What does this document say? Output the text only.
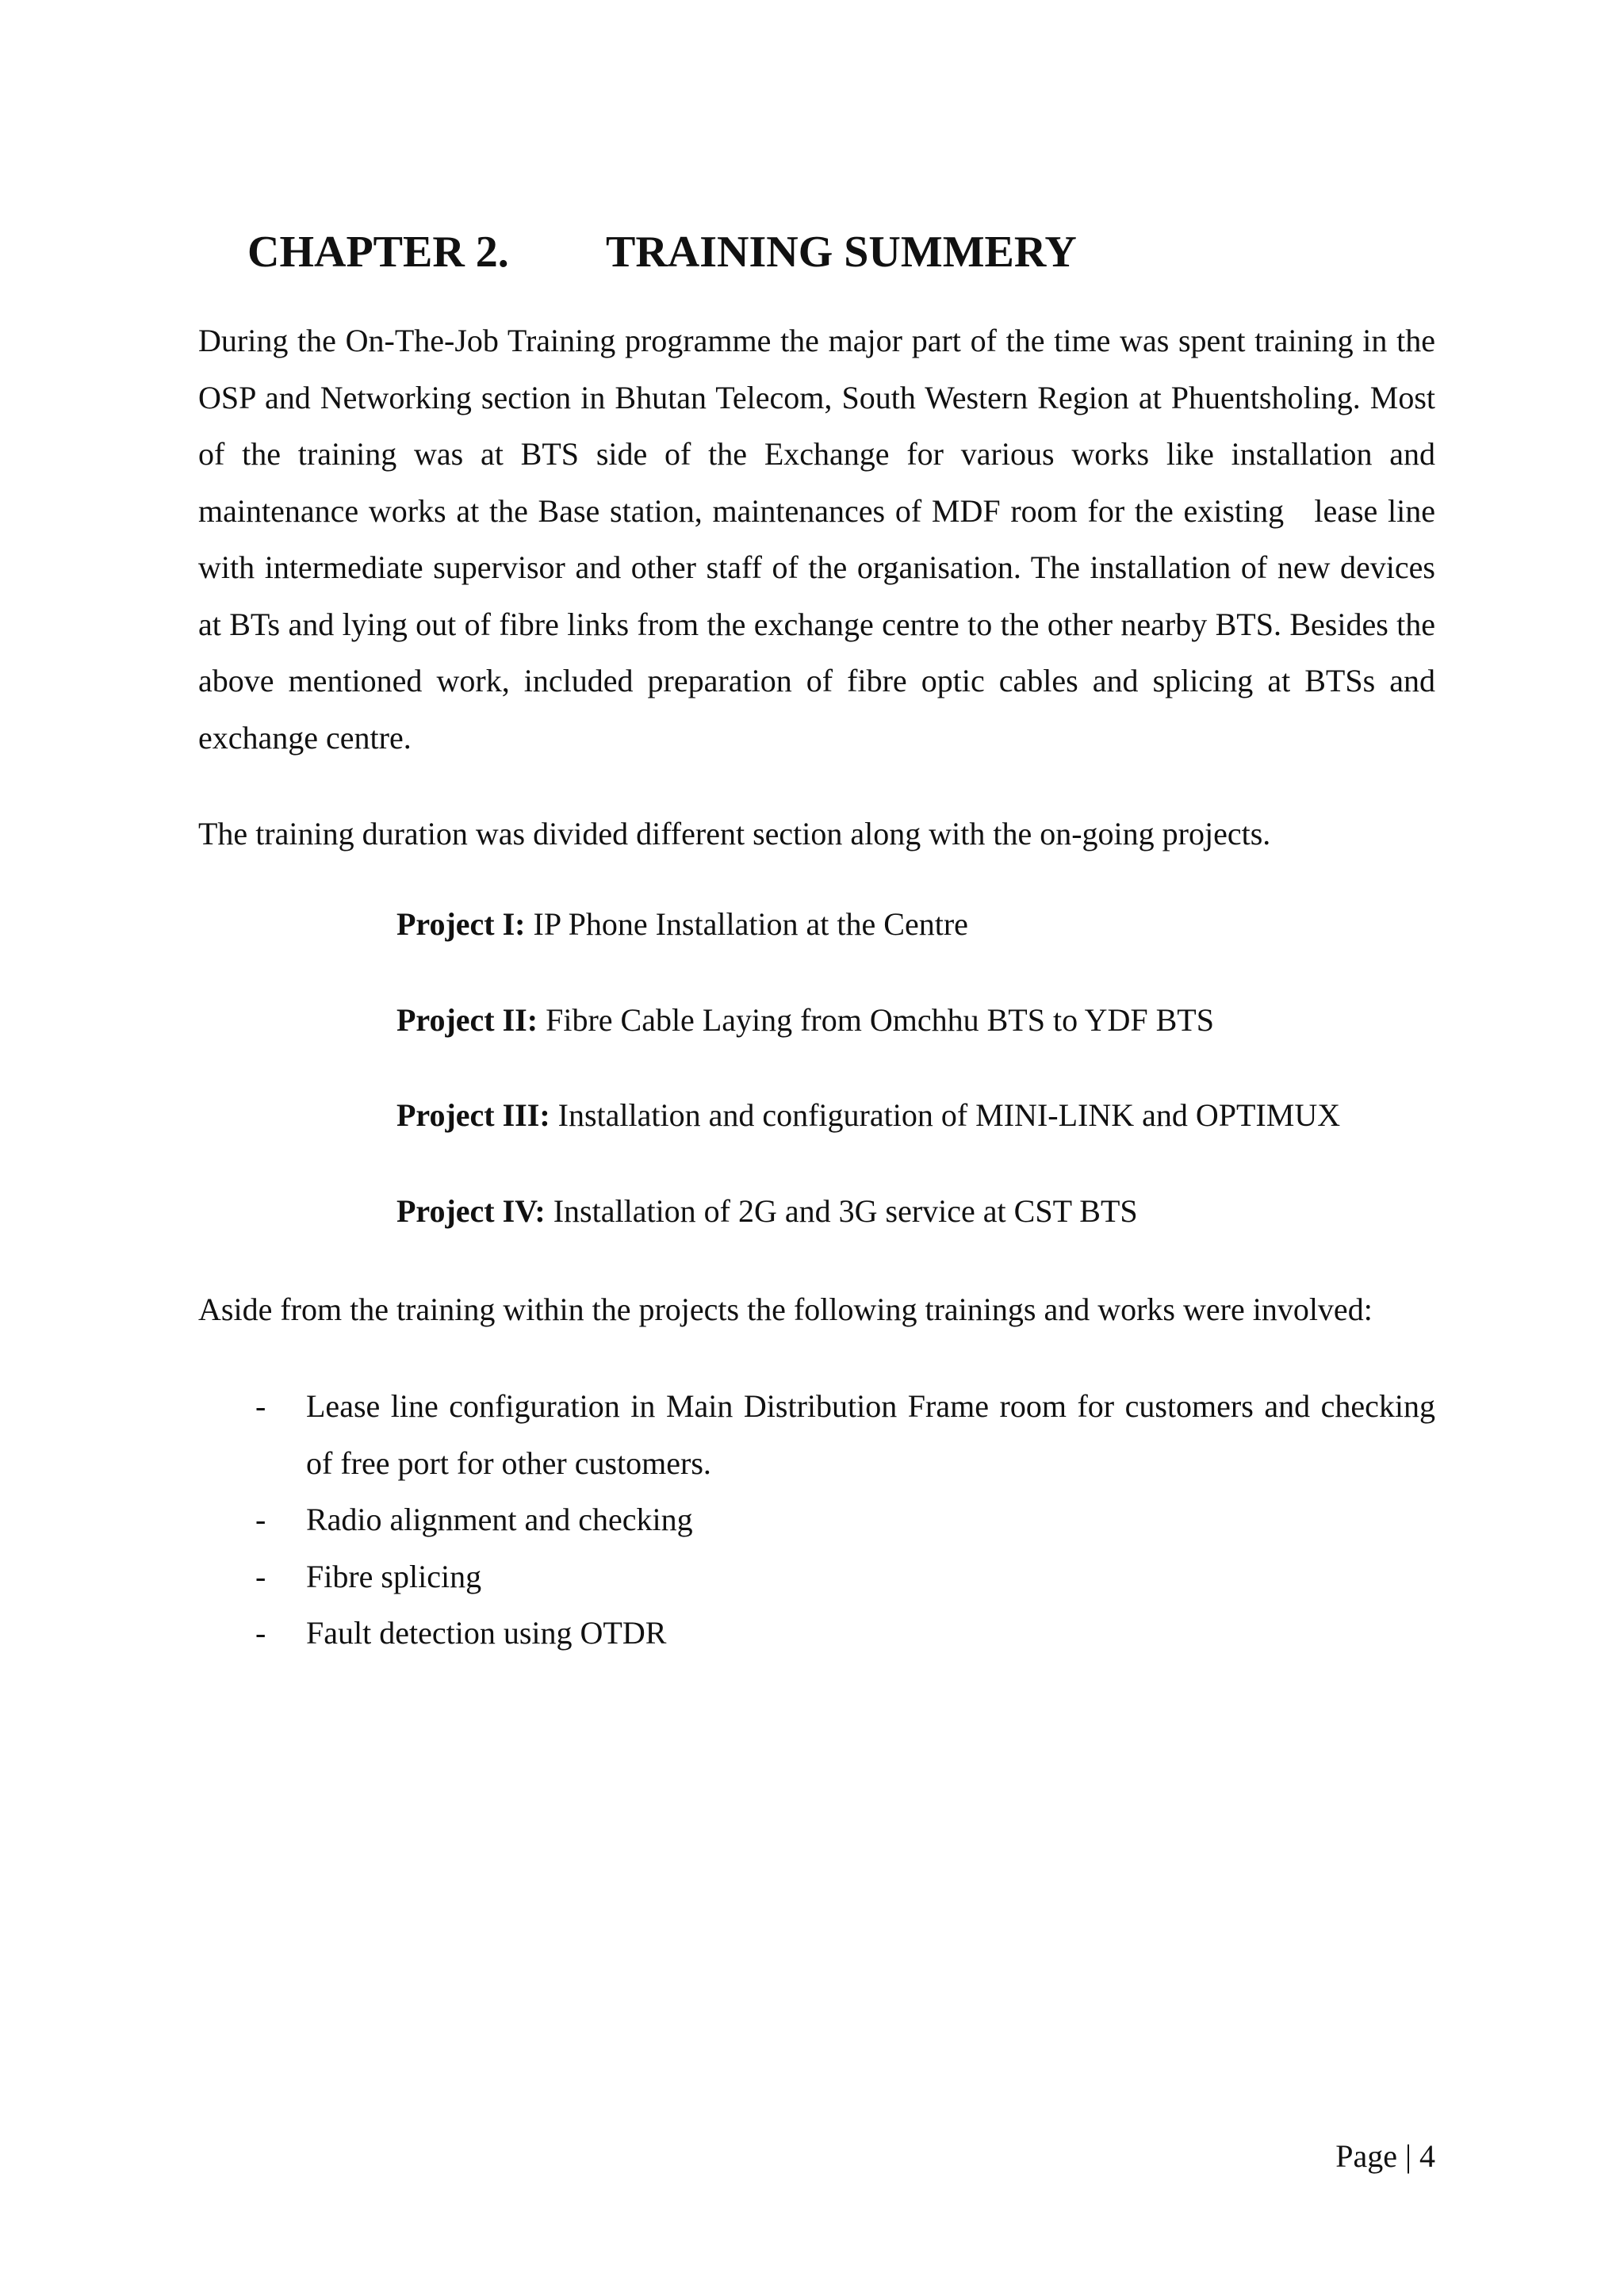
CHAPTER 2. TRAINING SUMMERY

During the On-The-Job Training programme the major part of the time was spent training in the OSP and Networking section in Bhutan Telecom, South Western Region at Phuentsholing. Most of the training was at BTS side of the Exchange for various works like installation and maintenance works at the Base station, maintenances of MDF room for the existing   lease line with intermediate supervisor and other staff of the organisation. The installation of new devices at BTs and lying out of fibre links from the exchange centre to the other nearby BTS. Besides the above mentioned work, included preparation of fibre optic cables and splicing at BTSs and exchange centre.

The training duration was divided different section along with the on-going projects.

Project I: IP Phone Installation at the Centre
Project II: Fibre Cable Laying from Omchhu BTS to YDF BTS
Project III: Installation and configuration of MINI-LINK and OPTIMUX
Project IV: Installation of 2G and 3G service at CST BTS

Aside from the training within the projects the following trainings and works were involved:

- Lease line configuration in Main Distribution Frame room for customers and checking of free port for other customers.
- Radio alignment and checking
- Fibre splicing
- Fault detection using OTDR
Page | 4
